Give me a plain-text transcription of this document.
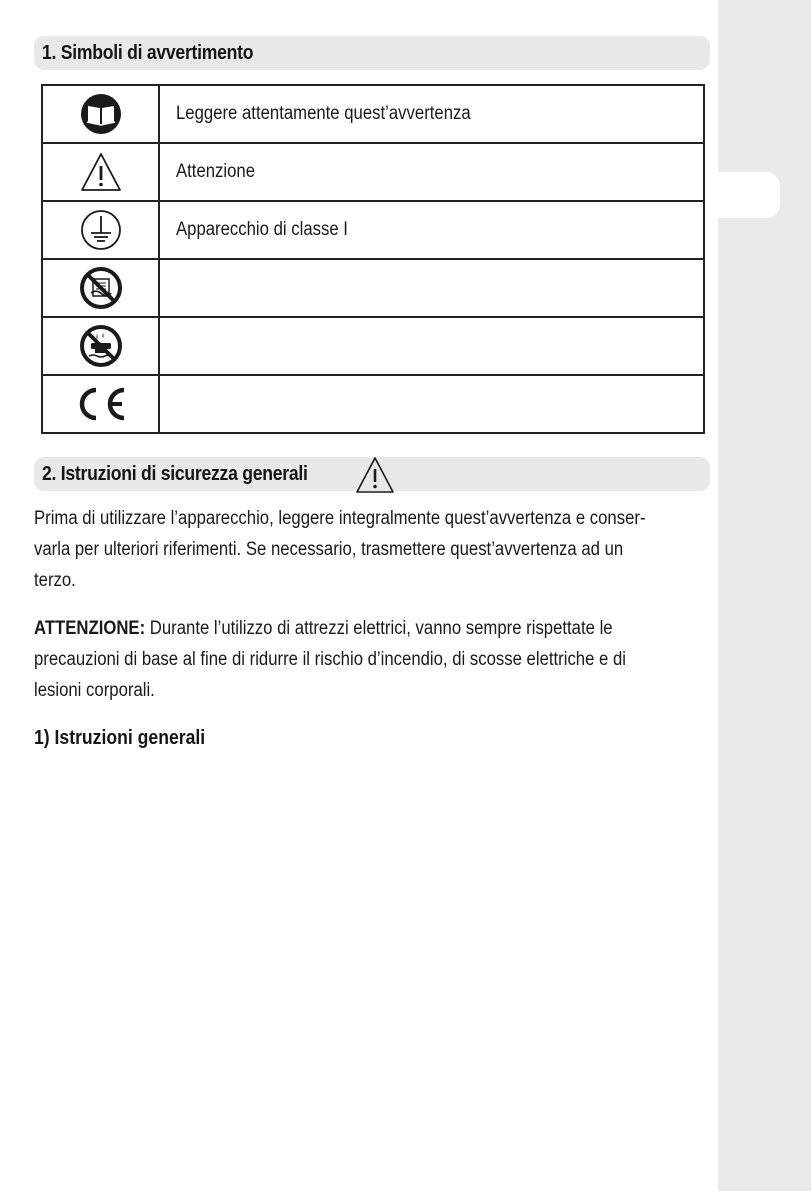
1. Simboli di avvertimento
	Leggere attentamente quest’avvertenza

	Attenzione

	Apparecchio di classe I

2. Istruzioni di sicurezza generali
Prima di utilizzare l’apparecchio, leggere integralmente quest’avvertenza e conser-
varla per ulteriori riferimenti. Se necessario, trasmettere quest’avvertenza ad un
terzo.
ATTENZIONE: Durante l’utilizzo di attrezzi elettrici, vanno sempre rispettate le
precauzioni di base al fine di ridurre il rischio d’incendio, di scosse elettriche e di
lesioni corporali.
1) Istruzioni generali
